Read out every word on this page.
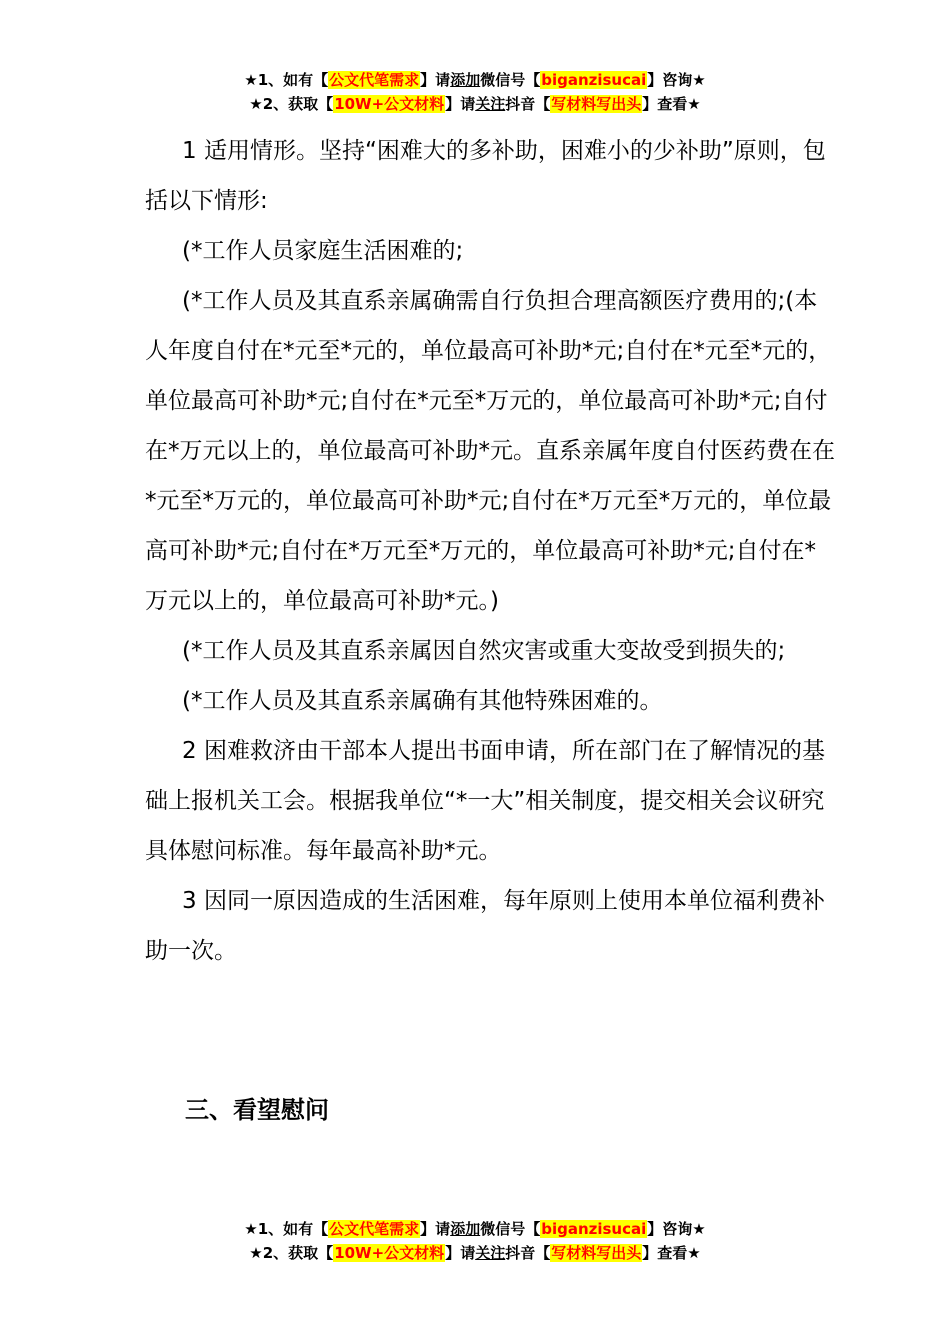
★1、如有【公文代笔需求】请添加微信号【biganzisucai】咨询★
★2、获取【10W+公文材料】请关注抖音【写材料写出头】查看★

1 适用情形。坚持“困难大的多补助，困难小的少补助”原则，包括以下情形:

(*工作人员家庭生活困难的;

(*工作人员及其直系亲属确需自行负担合理高额医疗费用的;(本人年度自付在*元至*元的，单位最高可补助*元;自付在*元至*元的，单位最高可补助*元;自付在*元至*万元的，单位最高可补助*元;自付在*万元以上的，单位最高可补助*元。直系亲属年度自付医药费在在*元至*万元的，单位最高可补助*元;自付在*万元至*万元的，单位最高可补助*元;自付在*万元至*万元的，单位最高可补助*元;自付在*万元以上的，单位最高可补助*元。)

(*工作人员及其直系亲属因自然灾害或重大变故受到损失的;

(*工作人员及其直系亲属确有其他特殊困难的。

2 困难救济由干部本人提出书面申请，所在部门在了解情况的基础上报机关工会。根据我单位“*一大”相关制度，提交相关会议研究具体慰问标准。每年最高补助*元。

3 因同一原因造成的生活困难，每年原则上使用本单位福利费补助一次。

三、看望慰问
★1、如有【公文代笔需求】请添加微信号【biganzisucai】咨询★
★2、获取【10W+公文材料】请关注抖音【写材料写出头】查看★
